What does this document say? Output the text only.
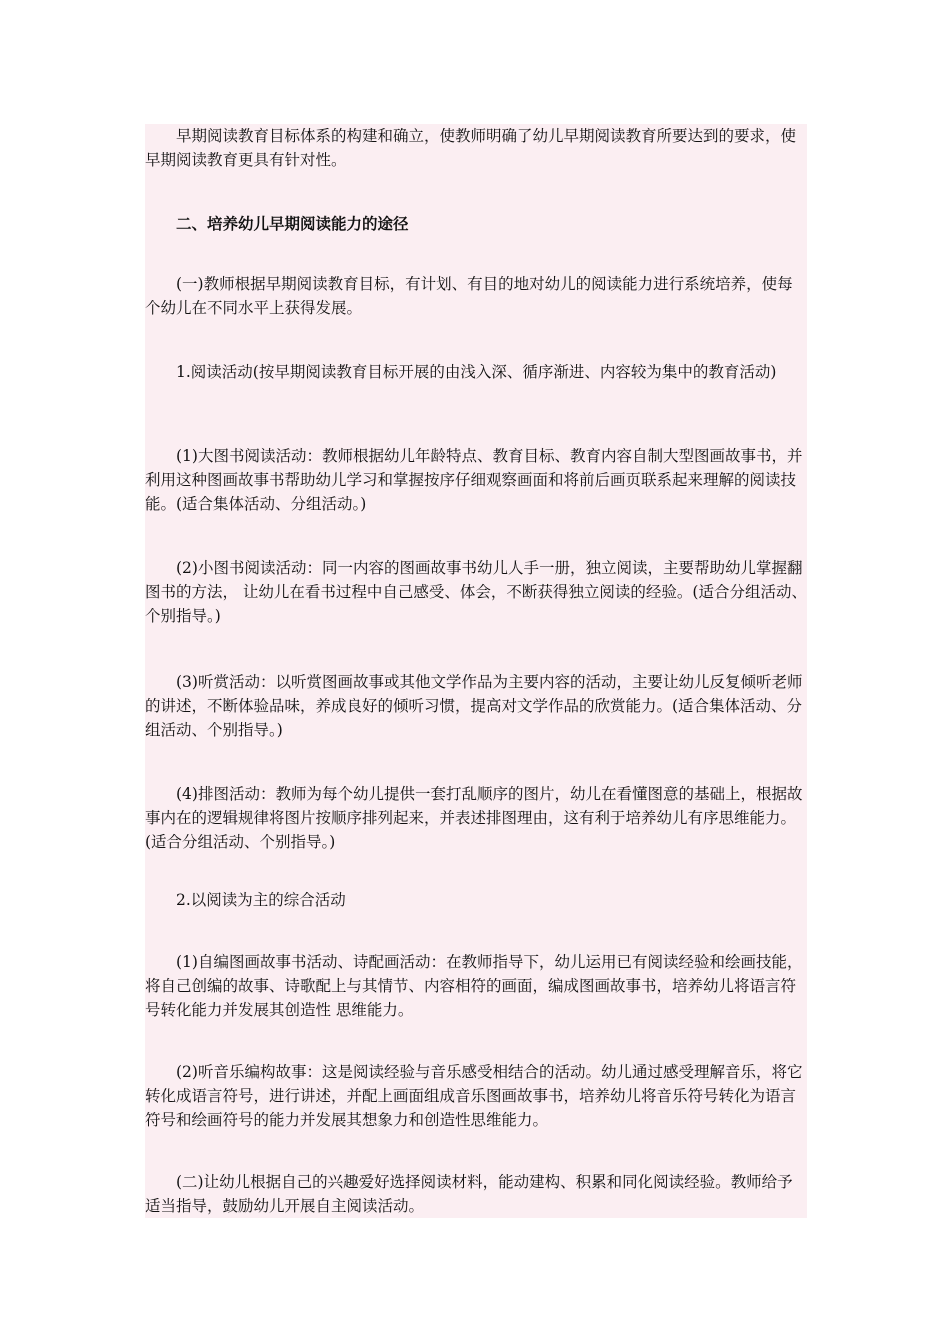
早期阅读教育目标体系的构建和确立，使教师明确了幼儿早期阅读教育所要达到的要求，使早期阅读教育更具有针对性。

二、培养幼儿早期阅读能力的途径

(一)教师根据早期阅读教育目标，有计划、有目的地对幼儿的阅读能力进行系统培养，使每个幼儿在不同水平上获得发展。

1.阅读活动(按早期阅读教育目标开展的由浅入深、循序渐进、内容较为集中的教育活动)

(1)大图书阅读活动：教师根据幼儿年龄特点、教育目标、教育内容自制大型图画故事书，并利用这种图画故事书帮助幼儿学习和掌握按序仔细观察画面和将前后画页联系起来理解的阅读技能。(适合集体活动、分组活动。)

(2)小图书阅读活动：同一内容的图画故事书幼儿人手一册，独立阅读，主要帮助幼儿掌握翻图书的方法， 让幼儿在看书过程中自己感受、体会，不断获得独立阅读的经验。(适合分组活动、个别指导。)

(3)听赏活动：以听赏图画故事或其他文学作品为主要内容的活动，主要让幼儿反复倾听老师的讲述，不断体验品味，养成良好的倾听习惯，提高对文学作品的欣赏能力。(适合集体活动、分组活动、个别指导。)

(4)排图活动：教师为每个幼儿提供一套打乱顺序的图片，幼儿在看懂图意的基础上，根据故事内在的逻辑规律将图片按顺序排列起来，并表述排图理由，这有利于培养幼儿有序思维能力。(适合分组活动、个别指导。)

2.以阅读为主的综合活动

(1)自编图画故事书活动、诗配画活动：在教师指导下，幼儿运用已有阅读经验和绘画技能，将自己创编的故事、诗歌配上与其情节、内容相符的画面，编成图画故事书，培养幼儿将语言符号转化能力并发展其创造性 思维能力。

(2)听音乐编构故事：这是阅读经验与音乐感受相结合的活动。幼儿通过感受理解音乐，将它转化成语言符号，进行讲述，并配上画面组成音乐图画故事书，培养幼儿将音乐符号转化为语言符号和绘画符号的能力并发展其想象力和创造性思维能力。

(二)让幼儿根据自己的兴趣爱好选择阅读材料，能动建构、积累和同化阅读经验。教师给予适当指导，鼓励幼儿开展自主阅读活动。
